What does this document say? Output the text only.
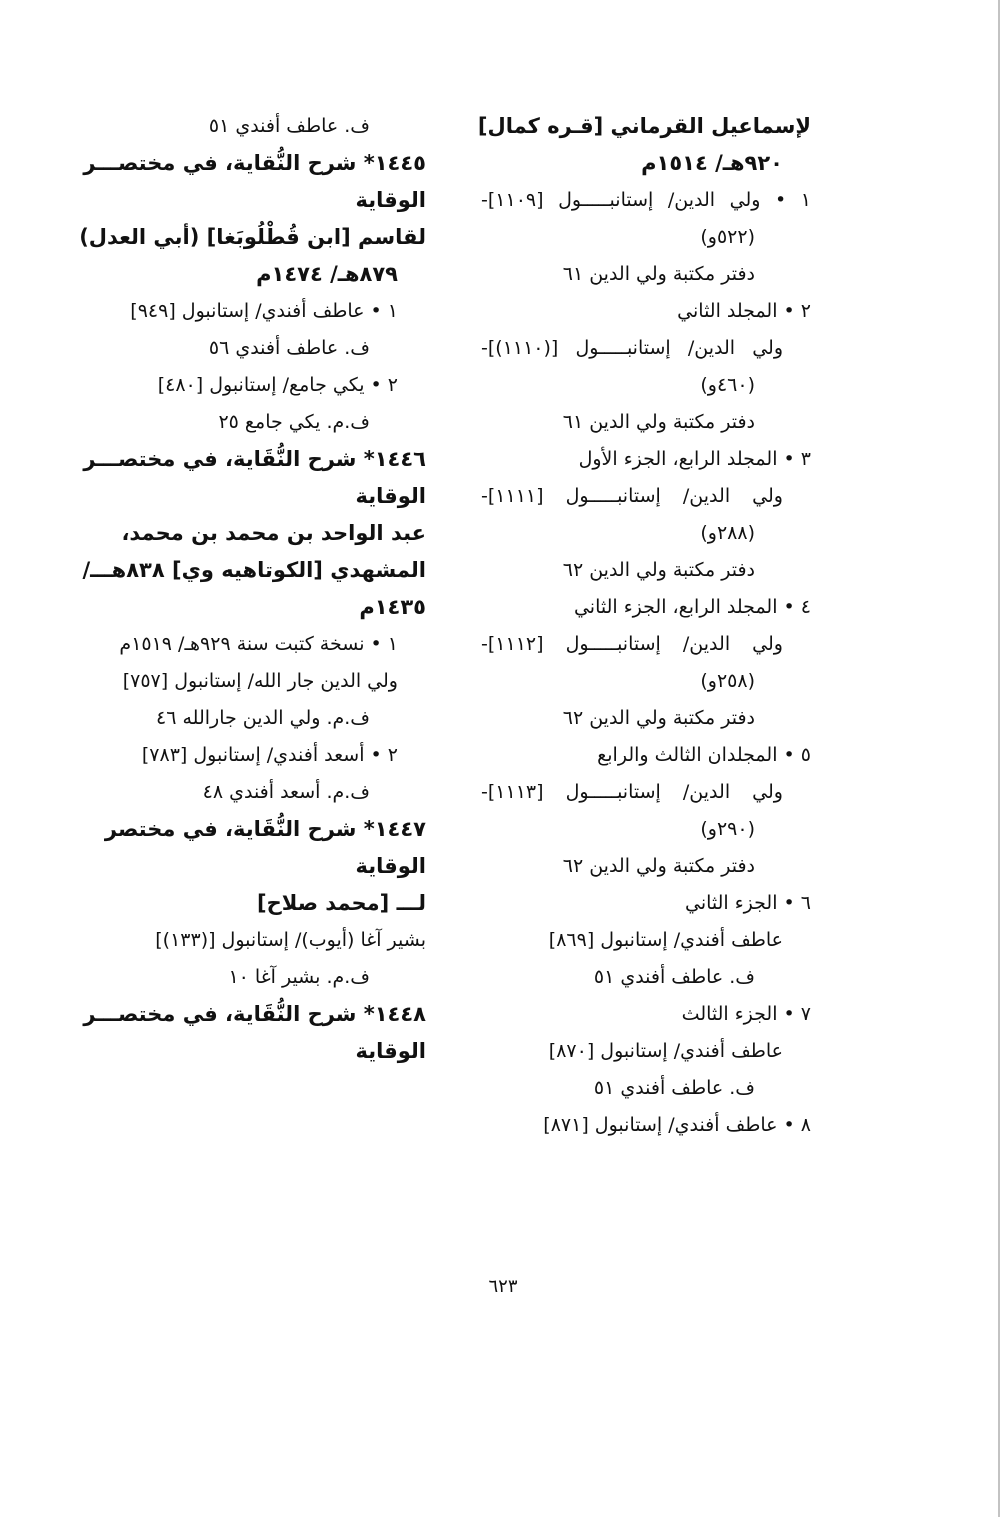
لإسماعيل القرماني [قـره كمال]
٩٢٠هـ/ ١٥١٤م
١ • ولي الدين/ إستانبـــــول [١١٠٩]-
(٥٢٢و)
دفتر مكتبة ولي الدين ٦١
٢ • المجلد الثاني
ولي الدين/ إستانبـــــول [(١١١٠)]-
(٤٦٠و)
دفتر مكتبة ولي الدين ٦١
٣ • المجلد الرابع، الجزء الأول
ولي الدين/ إستانبـــــول [١١١١]-
(٢٨٨و)
دفتر مكتبة ولي الدين ٦٢
٤ • المجلد الرابع، الجزء الثاني
ولي الدين/ إستانبـــــول [١١١٢]-
(٢٥٨و)
دفتر مكتبة ولي الدين ٦٢
٥ • المجلدان الثالث والرابع
ولي الدين/ إستانبـــــول [١١١٣]-
(٢٩٠و)
دفتر مكتبة ولي الدين ٦٢
٦ • الجزء الثاني
عاطف أفندي/ إستانبول [٨٦٩]
ف. عاطف أفندي ٥١
٧ • الجزء الثالث
عاطف أفندي/ إستانبول [٨٧٠]
ف. عاطف أفندي ٥١
٨ • عاطف أفندي/ إستانبول [٨٧١]
ف. عاطف أفندي ٥١
١٤٤٥* شرح النُّقاية، في مختصـــر
الوقاية
لقاسم [ابن قُطْلُوبَغا] (أبي العدل)
٨٧٩هـ/ ١٤٧٤م
١ • عاطف أفندي/ إستانبول [٩٤٩]
ف. عاطف أفندي ٥٦
٢ • يكي جامع/ إستانبول [٤٨٠]
ف.م. يكي جامع ٢٥
١٤٤٦* شرح النُّقَاية، في مختصـــر
الوقاية
عبد الواحد بن محمد بن محمد،
المشهدي [الكوتاهيه وي] ٨٣٨هـــ/
١٤٣٥م
١ • نسخة كتبت سنة ٩٢٩هـ/ ١٥١٩م
ولي الدين جار الله/ إستانبول [٧٥٧]
ف.م. ولي الدين جارالله ٤٦
٢ • أسعد أفندي/ إستانبول [٧٨٣]
ف.م. أسعد أفندي ٤٨
١٤٤٧* شرح النُّقَاية، في مختصر
الوقاية
لـــ [محمد صلاح]
بشير آغا (أيوب)/ إستانبول [(١٣٣)]
ف.م. بشير آغا ١٠
١٤٤٨* شرح النُّقَاية، في مختصـــر
الوقاية
٦٢٣
